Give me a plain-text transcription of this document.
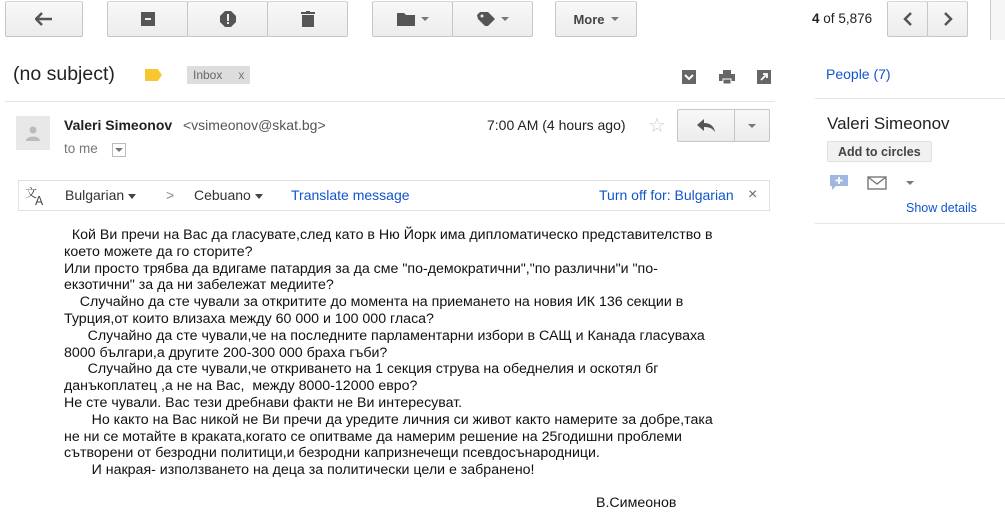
More	4 of 5,876
(no subject)	Inbox x	People (7)
Valeri Simeonov <vsimeonov@skat.bg>
to me
7:00 AM (4 hours ago) ☆	Valeri Simeonov
Add to circles
Show details
文
A Bulgarian	> Cebuano	Translate message	Turn off for: Bulgarian ×
Кой Ви пречи на Вас да гласувате,след като в Ню Йорк има дипломатическо представителство в
което можете да го сторите?
Или просто трябва да вдигаме патардия за да сме "по-демократични","по различни"и "по-
екзотични" за да ни забележат медиите?
Случайно да сте чували за откритите до момента на приемането на новия ИК 136 секции в
Турция,от които влизаха между 60 000 и 100 000 гласа?
Случайно да сте чували,че на последните парламентарни избори в САЩ и Канада гласуваха
8000 българи,а другите 200-300 000 браха гъби?
Случайно да сте чували,че откриването на 1 секция струва на обеднелия и оскотял бг
данъкоплатец ,а не на Вас,  между 8000-12000 евро?
Не сте чували. Вас тези дребнави факти не Ви интересуват.
Но както на Вас никой не Ви пречи да уредите личния си живот както намерите за добре,така
не ни се мотайте в краката,когато се опитваме да намерим решение на 25годишни проблеми
сътворени от безродни политици,и безродни капризнечещи псевдосънародници.
И накрая- използването на деца за политически цели е забранено!
В.Симеонов
